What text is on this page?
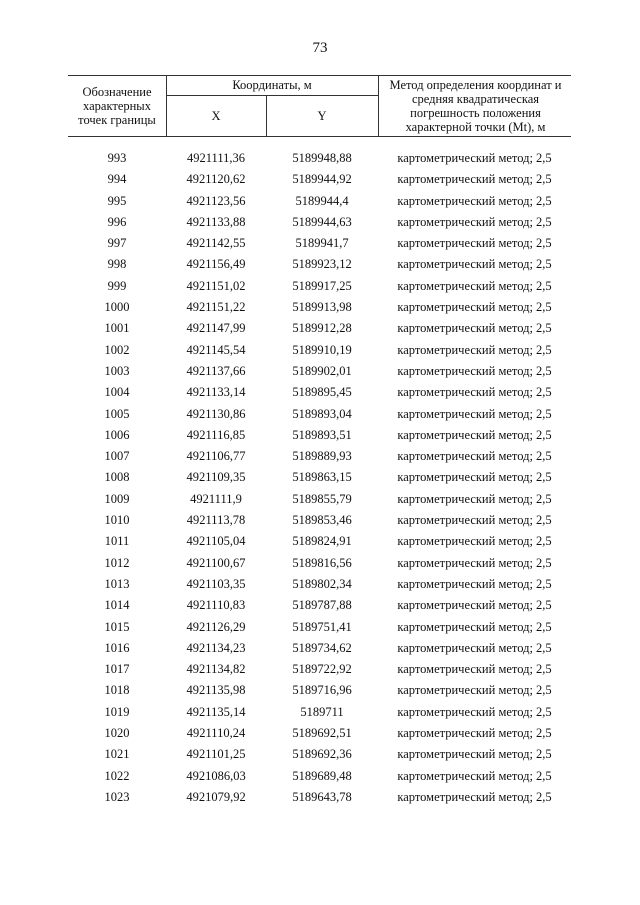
73
Обозначение характерных точек границы
Координаты, м
X	Y
Метод определения координат и средняя квадратическая погрешность положения характерной точки (Mt), м
993	4921111,36	5189948,88	картометрический метод; 2,5
994	4921120,62	5189944,92	картометрический метод; 2,5
995	4921123,56	5189944,4	картометрический метод; 2,5
996	4921133,88	5189944,63	картометрический метод; 2,5
997	4921142,55	5189941,7	картометрический метод; 2,5
998	4921156,49	5189923,12	картометрический метод; 2,5
999	4921151,02	5189917,25	картометрический метод; 2,5
1000	4921151,22	5189913,98	картометрический метод; 2,5
1001	4921147,99	5189912,28	картометрический метод; 2,5
1002	4921145,54	5189910,19	картометрический метод; 2,5
1003	4921137,66	5189902,01	картометрический метод; 2,5
1004	4921133,14	5189895,45	картометрический метод; 2,5
1005	4921130,86	5189893,04	картометрический метод; 2,5
1006	4921116,85	5189893,51	картометрический метод; 2,5
1007	4921106,77	5189889,93	картометрический метод; 2,5
1008	4921109,35	5189863,15	картометрический метод; 2,5
1009	4921111,9	5189855,79	картометрический метод; 2,5
1010	4921113,78	5189853,46	картометрический метод; 2,5
1011	4921105,04	5189824,91	картометрический метод; 2,5
1012	4921100,67	5189816,56	картометрический метод; 2,5
1013	4921103,35	5189802,34	картометрический метод; 2,5
1014	4921110,83	5189787,88	картометрический метод; 2,5
1015	4921126,29	5189751,41	картометрический метод; 2,5
1016	4921134,23	5189734,62	картометрический метод; 2,5
1017	4921134,82	5189722,92	картометрический метод; 2,5
1018	4921135,98	5189716,96	картометрический метод; 2,5
1019	4921135,14	5189711	картометрический метод; 2,5
1020	4921110,24	5189692,51	картометрический метод; 2,5
1021	4921101,25	5189692,36	картометрический метод; 2,5
1022	4921086,03	5189689,48	картометрический метод; 2,5
1023	4921079,92	5189643,78	картометрический метод; 2,5
